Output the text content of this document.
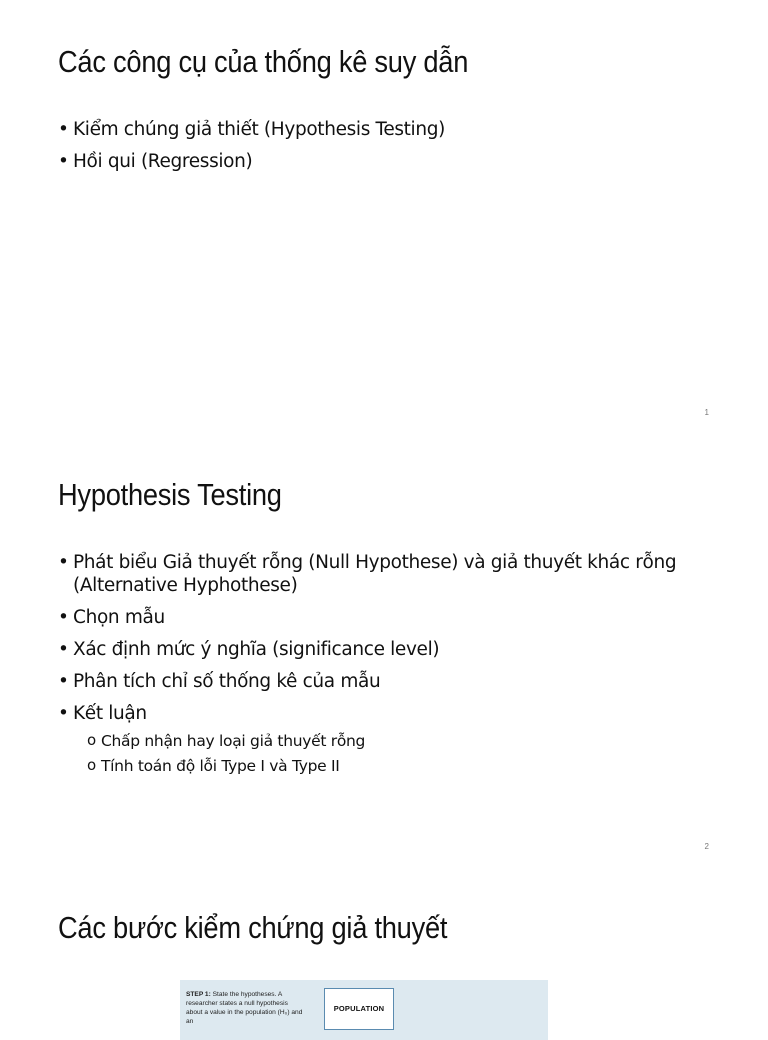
Các công cụ của thống kê suy dẫn
• Kiểm chúng giả thiết (Hypothesis Testing)
• Hồi qui (Regression)
1
Hypothesis Testing
• Phát biểu Giả thuyết rỗng (Null Hypothese) và giả thuyết khác rỗng (Alternative Hyphothese)
• Chọn mẫu
• Xác định mức ý nghĩa (significance level)
• Phân tích chỉ số thống kê của mẫu
• Kết luận
o Chấp nhận hay loại giả thuyết rỗng
o Tính toán độ lỗi Type I và Type II
2
Các bước kiểm chứng giả thuyết
STEP 1: State the hypotheses. A researcher states a null hypothesis about a value in the population (H₀) and an
POPULATION
